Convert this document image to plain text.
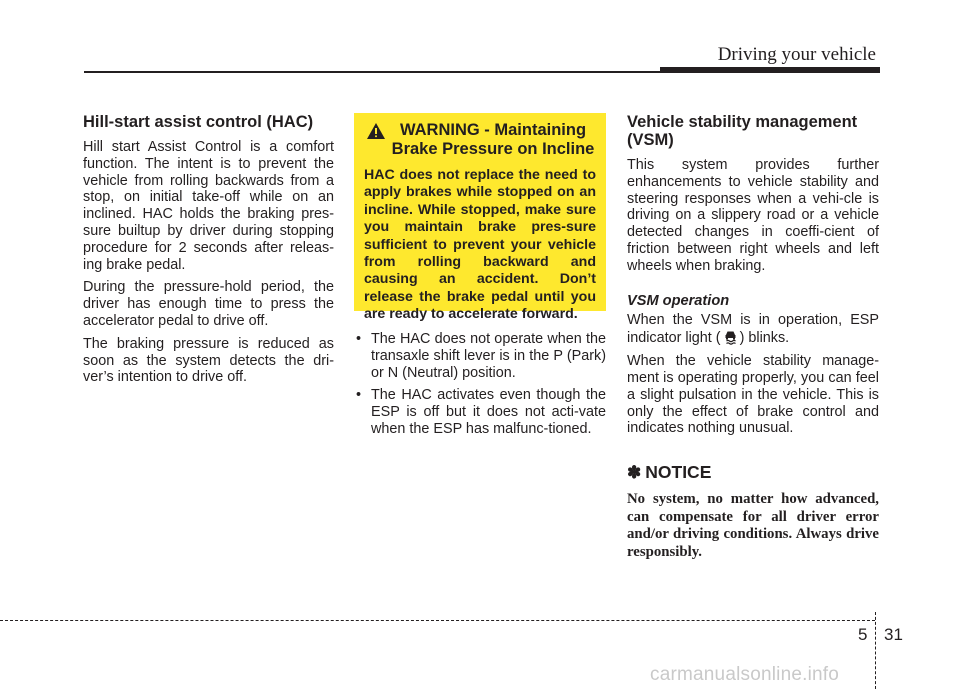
Driving your vehicle
Hill-start assist control (HAC)

Hill start Assist Control is a comfort function. The intent is to prevent the vehicle from rolling backwards from a stop, on initial take-off while on an inclined. HAC holds the braking pres-sure builtup by driver during stopping procedure for 2 seconds after releas-ing brake pedal.

During the pressure-hold period, the driver has enough time to press the accelerator pedal to drive off.

The braking pressure is reduced as soon as the system detects the dri-ver’s intention to drive off.

WARNING - Maintaining
Brake Pressure on Incline
HAC does not replace the need to apply brakes while stopped on an incline. While stopped, make sure you maintain brake pres-sure sufficient to prevent your vehicle from rolling backward and causing an accident. Don’t release the brake pedal until you are ready to accelerate forward.
• The HAC does not operate when the transaxle shift lever is in the P (Park) or N (Neutral) position.
• The HAC activates even though the ESP is off but it does not acti-vate when the ESP has malfunc-tioned.
Vehicle stability management (VSM)

This system provides further enhancements to vehicle stability and steering responses when a vehi-cle is driving on a slippery road or a vehicle detected changes in coeffi-cient of friction between right wheels and left wheels when braking.

VSM operation

When the VSM is in operation, ESP indicator light ( ) blinks.

When the vehicle stability manage-ment is operating properly, you can feel a slight pulsation in the vehicle. This is only the effect of brake control and indicates nothing unusual.

✽ NOTICE
No system, no matter how advanced, can compensate for all driver error and/or driving conditions. Always drive responsibly.
5 31
carmanualsonline.info
